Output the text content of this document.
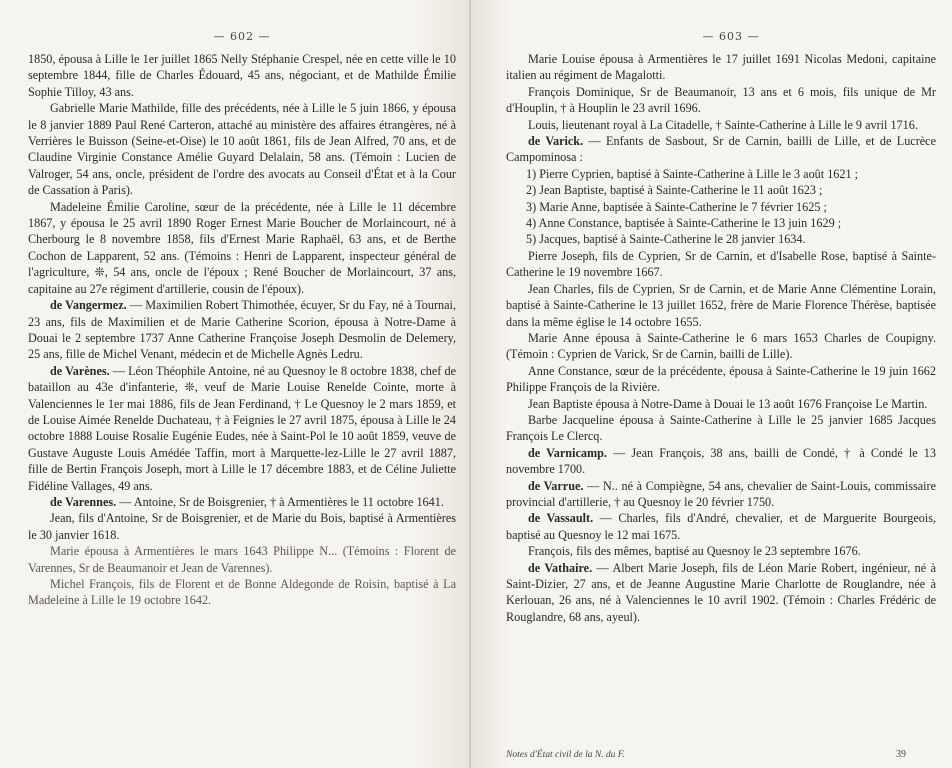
— 602 —

1850, épousa à Lille le 1er juillet 1865 Nelly Stéphanie Crespel, née en cette ville le 10 septembre 1844, fille de Charles Édouard, 45 ans, négociant, et de Mathilde Émilie Sophie Tilloy, 43 ans.

Gabrielle Marie Mathilde, fille des précédents, née à Lille le 5 juin 1866, y épousa le 8 janvier 1889 Paul René Carteron, attaché au ministère des affaires étrangères, né à Verrières le Buisson (Seine-et-Oise) le 10 août 1861, fils de Jean Alfred, 70 ans, et de Claudine Virginie Constance Amélie Guyard Delalain, 58 ans. (Témoin : Lucien de Valroger, 54 ans, oncle, président de l'ordre des avocats au Conseil d'État et à la Cour de Cassation à Paris).

Madeleine Émilie Caroline, sœur de la précédente, née à Lille le 11 décembre 1867, y épousa le 25 avril 1890 Roger Ernest Marie Boucher de Morlaincourt, né à Cherbourg le 8 novembre 1858, fils d'Ernest Marie Raphaël, 63 ans, et de Berthe Cochon de Lapparent, 52 ans. (Témoins : Henri de Lapparent, inspecteur général de l'agriculture, ❊, 54 ans, oncle de l'époux ; René Boucher de Morlaincourt, 37 ans, capitaine au 27e régiment d'artillerie, cousin de l'époux).

de Vangermez. — Maximilien Robert Thimothée, écuyer, Sr du Fay, né à Tournai, 23 ans, fils de Maximilien et de Marie Catherine Scorion, épousa à Notre-Dame à Douai le 2 septembre 1737 Anne Catherine Françoise Joseph Desmolin de Delemery, 25 ans, fille de Michel Venant, médecin et de Michelle Agnès Ledru.

de Varènes. — Léon Théophile Antoine, né au Quesnoy le 8 octobre 1838, chef de bataillon au 43e d'infanterie, ❊, veuf de Marie Louise Renelde Cointe, morte à Valenciennes le 1er mai 1886, fils de Jean Ferdinand, † Le Quesnoy le 2 mars 1859, et de Louise Aimée Renelde Duchateau, † à Feignies le 27 avril 1875, épousa à Lille le 24 octobre 1888 Louise Rosalie Eugénie Eudes, née à Saint-Pol le 10 août 1859, veuve de Gustave Auguste Louis Amédée Taffin, mort à Marquette-lez-Lille le 27 avril 1887, fille de Bertin François Joseph, mort à Lille le 17 décembre 1883, et de Céline Juliette Fidéline Vallages, 49 ans.

de Varennes. — Antoine, Sr de Boisgrenier, † à Armentières le 11 octobre 1641.

Jean, fils d'Antoine, Sr de Boisgrenier, et de Marie du Bois, baptisé à Armentières le 30 janvier 1618.

Marie épousa à Armentières le mars 1643 Philippe N... (Témoins : Florent de Varennes, Sr de Beaumanoir et Jean de Varennes).

Michel François, fils de Florent et de Bonne Aldegonde de Roisin, baptisé à La Madeleine à Lille le 19 octobre 1642.

— 603 —

Marie Louise épousa à Armentières le 17 juillet 1691 Nicolas Medoni, capitaine italien au régiment de Magalotti.

François Dominique, Sr de Beaumanoir, 13 ans et 6 mois, fils unique de Mr d'Houplin, † à Houplin le 23 avril 1696.

Louis, lieutenant royal à La Citadelle, † Sainte-Catherine à Lille le 9 avril 1716.

de Varick. — Enfants de Sasbout, Sr de Carnin, bailli de Lille, et de Lucrèce Campominosa :

1) Pierre Cyprien, baptisé à Sainte-Catherine à Lille le 3 août 1621 ;

2) Jean Baptiste, baptisé à Sainte-Catherine le 11 août 1623 ;

3) Marie Anne, baptisée à Sainte-Catherine le 7 février 1625 ;

4) Anne Constance, baptisée à Sainte-Catherine le 13 juin 1629 ;

5) Jacques, baptisé à Sainte-Catherine le 28 janvier 1634.

Pierre Joseph, fils de Cyprien, Sr de Carnin, et d'Isabelle Rose, baptisé à Sainte-Catherine le 19 novembre 1667.

Jean Charles, fils de Cyprien, Sr de Carnin, et de Marie Anne Clémentine Lorain, baptisé à Sainte-Catherine le 13 juillet 1652, frère de Marie Florence Thérèse, baptisée dans la même église le 14 octobre 1655.

Marie Anne épousa à Sainte-Catherine le 6 mars 1653 Charles de Coupigny. (Témoin : Cyprien de Varick, Sr de Carnin, bailli de Lille).

Anne Constance, sœur de la précédente, épousa à Sainte-Catherine le 19 juin 1662 Philippe François de la Rivière.

Jean Baptiste épousa à Notre-Dame à Douai le 13 août 1676 Françoise Le Martin.

Barbe Jacqueline épousa à Sainte-Catherine à Lille le 25 janvier 1685 Jacques François Le Clercq.

de Varnicamp. — Jean François, 38 ans, bailli de Condé, † à Condé le 13 novembre 1700.

de Varrue. — N.. né à Compiègne, 54 ans, chevalier de Saint-Louis, commissaire provincial d'artillerie, † au Quesnoy le 20 février 1750.

de Vassault. — Charles, fils d'André, chevalier, et de Marguerite Bourgeois, baptisé au Quesnoy le 12 mai 1675.

François, fils des mêmes, baptisé au Quesnoy le 23 septembre 1676.

de Vathaire. — Albert Marie Joseph, fils de Léon Marie Robert, ingénieur, né à Saint-Dizier, 27 ans, et de Jeanne Augustine Marie Charlotte de Rouglandre, née à Kerlouan, 26 ans, né à Valenciennes le 10 avril 1902. (Témoin : Charles Frédéric de Rouglandre, 68 ans, ayeul).

Notes d'État civil de la N. du F.	39
